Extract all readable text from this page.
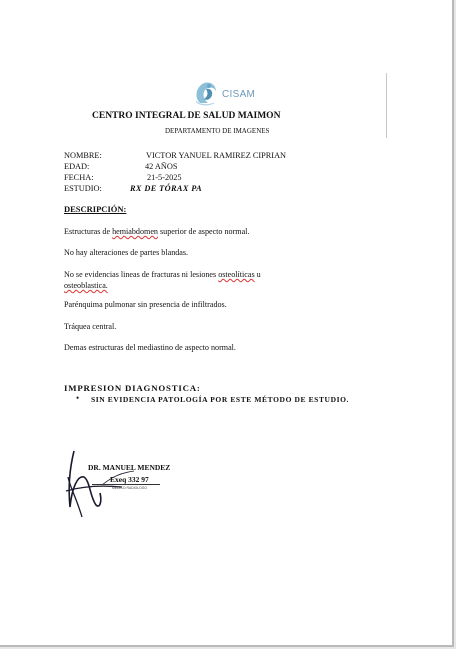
CISAM
CENTRO INTEGRAL DE SALUD MAIMON
DEPARTAMENTO DE IMAGENES
NOMBRE:	VICTOR YANUEL RAMIREZ CIPRIAN
EDAD:	42 AÑOS
FECHA:	21-5-2025
ESTUDIO:	RX DE TÓRAX PA
DESCRIPCIÓN:
Estructuras de hemiabdomen superior de aspecto normal.
No hay alteraciones de partes blandas.
No se evidencias lineas de fracturas ni lesiones osteolíticas u
osteoblastica.
Parénquima pulmonar sin presencia de infiltrados.
Tráquea central.
Demas estructuras del mediastino de aspecto normal.
IMPRESION DIAGNOSTICA:
• SIN EVIDENCIA PATOLOGÍA POR ESTE MÉTODO DE ESTUDIO.
DR. MANUEL MENDEZ
Exeq 332 97
MEDICO RADIOLOGO
